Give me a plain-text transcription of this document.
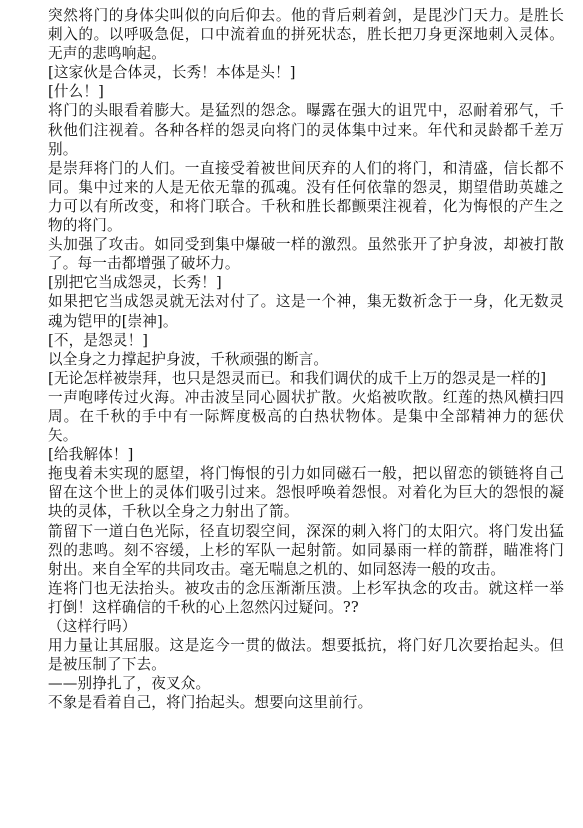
突然将门的身体尖叫似的向后仰去。他的背后刺着剑，是毘沙门天力。是胜长刺入的。以呼吸急促，口中流着血的拼死状态，胜长把刀身更深地刺入灵体。无声的悲鸣响起。

[这家伙是合体灵，长秀！本体是头！]

[什么！]

将门的头眼看着膨大。是猛烈的怨念。曝露在强大的诅咒中，忍耐着邪气，千秋他们注视着。各种各样的怨灵向将门的灵体集中过来。年代和灵龄都千差万别。

是崇拜将门的人们。一直接受着被世间厌弃的人们的将门，和清盛，信长都不同。集中过来的人是无依无靠的孤魂。没有任何依靠的怨灵，期望借助英雄之力可以有所改变，和将门联合。千秋和胜长都颤栗注视着，化为悔恨的产生之物的将门。

头加强了攻击。如同受到集中爆破一样的激烈。虽然张开了护身波，却被打散了。每一击都增强了破坏力。

[别把它当成怨灵，长秀！]

如果把它当成怨灵就无法对付了。这是一个神，集无数祈念于一身，化无数灵魂为铠甲的[崇神]。

[不，是怨灵！]

以全身之力撑起护身波，千秋顽强的断言。

[无论怎样被崇拜，也只是怨灵而已。和我们调伏的成千上万的怨灵是一样的]

一声咆哮传过火海。冲击波呈同心圆状扩散。火焰被吹散。红莲的热风横扫四周。在千秋的手中有一际辉度极高的白热状物体。是集中全部精神力的惩伏矢。

[给我解体！]

拖曳着未实现的愿望，将门悔恨的引力如同磁石一般，把以留恋的锁链将自己留在这个世上的灵体们吸引过来。怨恨呼唤着怨恨。对着化为巨大的怨恨的凝块的灵体，千秋以全身之力射出了箭。

箭留下一道白色光际，径直切裂空间，深深的刺入将门的太阳穴。将门发出猛烈的悲鸣。刻不容缓，上杉的军队一起射箭。如同暴雨一样的箭群，瞄准将门射出。来自全军的共同攻击。毫无喘息之机的、如同怒涛一般的攻击。

连将门也无法抬头。被攻击的念压渐渐压溃。上杉军执念的攻击。就这样一举打倒！这样确信的千秋的心上忽然闪过疑问。??

（这样行吗）

用力量让其屈服。这是迄今一贯的做法。想要抵抗，将门好几次要抬起头。但是被压制了下去。

——别挣扎了，夜叉众。

不象是看着自己，将门抬起头。想要向这里前行。
